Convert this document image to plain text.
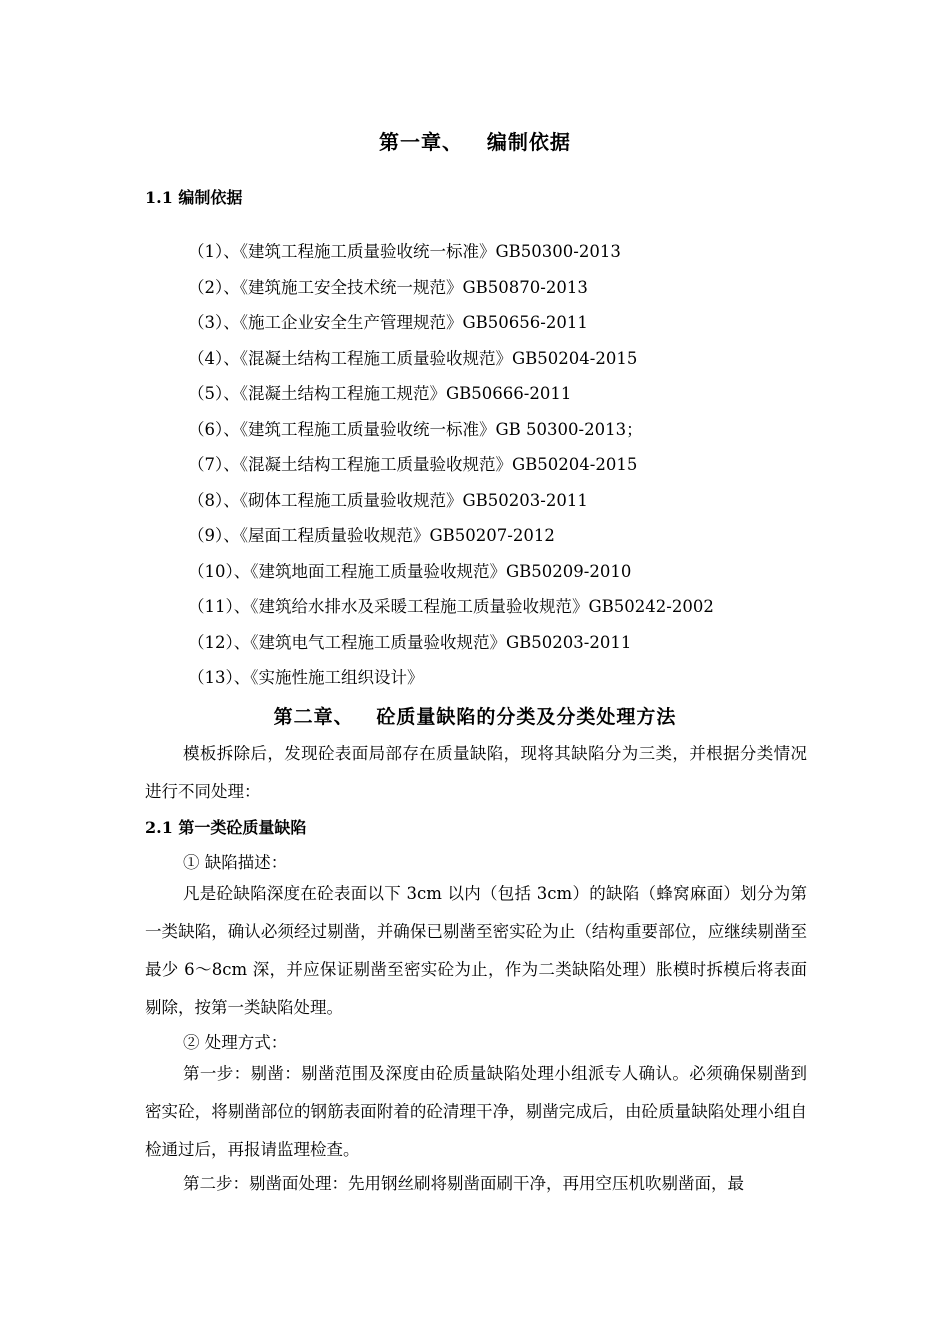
第一章、   编制依据
1.1 编制依据
（1）、《建筑工程施工质量验收统一标准》GB50300-2013
（2）、《建筑施工安全技术统一规范》GB50870-2013
（3）、《施工企业安全生产管理规范》GB50656-2011
（4）、《混凝土结构工程施工质量验收规范》GB50204-2015
（5）、《混凝土结构工程施工规范》GB50666-2011
（6）、《建筑工程施工质量验收统一标准》GB 50300-2013；
（7）、《混凝土结构工程施工质量验收规范》GB50204-2015
（8）、《砌体工程施工质量验收规范》GB50203-2011
（9）、《屋面工程质量验收规范》GB50207-2012
（10）、《建筑地面工程施工质量验收规范》GB50209-2010
（11）、《建筑给水排水及采暖工程施工质量验收规范》GB50242-2002
（12）、《建筑电气工程施工质量验收规范》GB50203-2011
（13）、《实施性施工组织设计》
第二章、   砼质量缺陷的分类及分类处理方法

模板拆除后，发现砼表面局部存在质量缺陷，现将其缺陷分为三类，并根据分类情况进行不同处理：

2.1 第一类砼质量缺陷
① 缺陷描述：

凡是砼缺陷深度在砼表面以下 3cm 以内（包括 3cm）的缺陷（蜂窝麻面）划分为第一类缺陷，确认必须经过剔凿，并确保已剔凿至密实砼为止（结构重要部位，应继续剔凿至最少 6～8cm 深，并应保证剔凿至密实砼为止，作为二类缺陷处理）胀模时拆模后将表面剔除，按第一类缺陷处理。

② 处理方式：

第一步：剔凿：剔凿范围及深度由砼质量缺陷处理小组派专人确认。必须确保剔凿到密实砼，将剔凿部位的钢筋表面附着的砼清理干净，剔凿完成后，由砼质量缺陷处理小组自检通过后，再报请监理检查。

第二步：剔凿面处理：先用钢丝刷将剔凿面刷干净，再用空压机吹剔凿面，最
